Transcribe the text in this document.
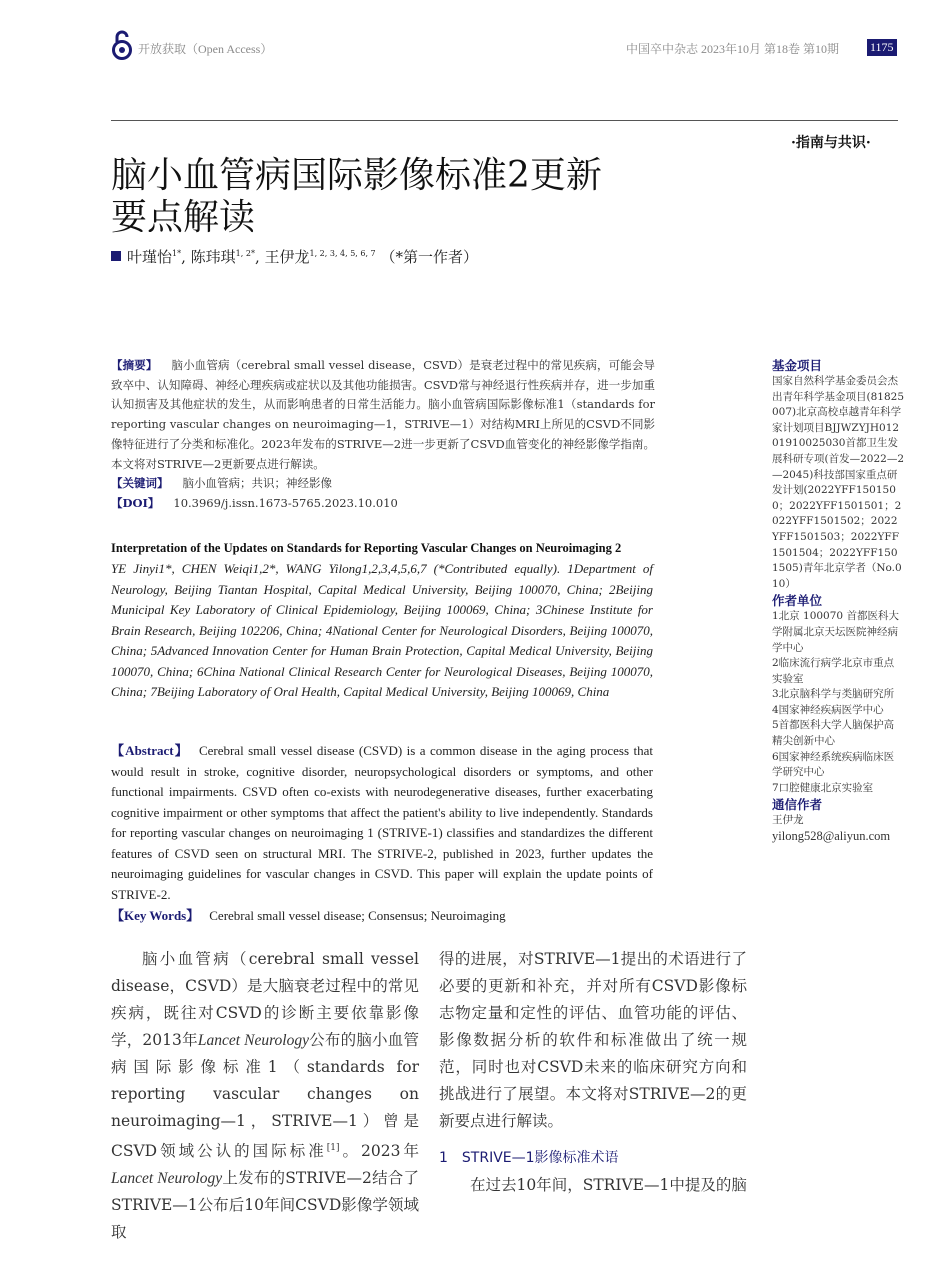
开放获取（Open Access）	中国卒中杂志 2023年10月 第18卷 第10期	1175
·指南与共识·
脑小血管病国际影像标准2更新
要点解读
叶瑾怡$^{1*}$, 陈玮琪$^{1, 2*}$, 王伊龙$^{1, 2, 3, 4, 5, 6, 7}$ （*第一作者）
【摘要】 脑小血管病（cerebral small vessel disease，CSVD）是衰老过程中的常见疾病，可能会导致卒中、认知障碍、神经心理疾病或症状以及其他功能损害。CSVD常与神经退行性疾病并存，进一步加重认知损害及其他症状的发生，从而影响患者的日常生活能力。脑小血管病国际影像标准1（standards for reporting vascular changes on neuroimaging—1，STRIVE—1）对结构MRI上所见的CSVD不同影像特征进行了分类和标准化。2023年发布的STRIVE—2进一步更新了CSVD血管变化的神经影像学指南。本文将对STRIVE—2更新要点进行解读。
【关键词】 脑小血管病；共识；神经影像
【DOI】 10.3969/j.issn.1673-5765.2023.10.010
Interpretation of the Updates on Standards for Reporting Vascular Changes on Neuroimaging 2
YE Jinyi1*, CHEN Weiqi1,2*, WANG Yilong1,2,3,4,5,6,7 (*Contributed equally). 1Department of Neurology, Beijing Tiantan Hospital, Capital Medical University, Beijing 100070, China; 2Beijing Municipal Key Laboratory of Clinical Epidemiology, Beijing 100069, China; 3Chinese Institute for Brain Research, Beijing 102206, China; 4National Center for Neurological Disorders, Beijing 100070, China; 5Advanced Innovation Center for Human Brain Protection, Capital Medical University, Beijing 100070, China; 6China National Clinical Research Center for Neurological Diseases, Beijing 100070, China; 7Beijing Laboratory of Oral Health, Capital Medical University, Beijing 100069, China
【Abstract】 Cerebral small vessel disease (CSVD) is a common disease in the aging process that would result in stroke, cognitive disorder, neuropsychological disorders or symptoms, and other functional impairments. CSVD often co-exists with neurodegenerative diseases, further exacerbating cognitive impairment or other symptoms that affect the patient's ability to live independently. Standards for reporting vascular changes on neuroimaging 1 (STRIVE-1) classifies and standardizes the different features of CSVD seen on structural MRI. The STRIVE-2, published in 2023, further updates the neuroimaging guidelines for vascular changes in CSVD. This paper will explain the update points of STRIVE-2.
【Key Words】 Cerebral small vessel disease; Consensus; Neuroimaging
基金项目
国家自然科学基金委员会杰出青年科学基金项目(81825007)北京高校卓越青年科学家计划项目BJJWZYJH01201910025030首都卫生发展科研专项(首发—2022—2—2045)科技部国家重点研发计划(2022YFF1501500；2022YFF1501501；2022YFF1501502；2022YFF1501503；2022YFF1501504；2022YFF1501505)青年北京学者（No.010）
作者单位
1北京 100070 首都医科大学附属北京天坛医院神经病学中心
2临床流行病学北京市重点实验室
3北京脑科学与类脑研究所
4国家神经疾病医学中心
5首都医科大学人脑保护高精尖创新中心
6国家神经系统疾病临床医学研究中心
7口腔健康北京实验室
通信作者
王伊龙
yilong528@aliyun.com
脑小血管病（cerebral small vessel disease，CSVD）是大脑衰老过程中的常见疾病，既往对CSVD的诊断主要依靠影像学，2013年Lancet Neurology公布的脑小血管病国际影像标准1（standards for reporting vascular changes on neuroimaging—1，STRIVE—1）曾是CSVD领域公认的国际标准[1]。2023年Lancet Neurology上发布的STRIVE—2结合了STRIVE—1公布后10年间CSVD影像学领域取
得的进展，对STRIVE—1提出的术语进行了必要的更新和补充，并对所有CSVD影像标志物定量和定性的评估、血管功能的评估、影像数据分析的软件和标准做出了统一规范，同时也对CSVD未来的临床研究方向和挑战进行了展望。本文将对STRIVE—2的更新要点进行解读。
1　STRIVE—1影像标准术语
在过去10年间，STRIVE—1中提及的脑
